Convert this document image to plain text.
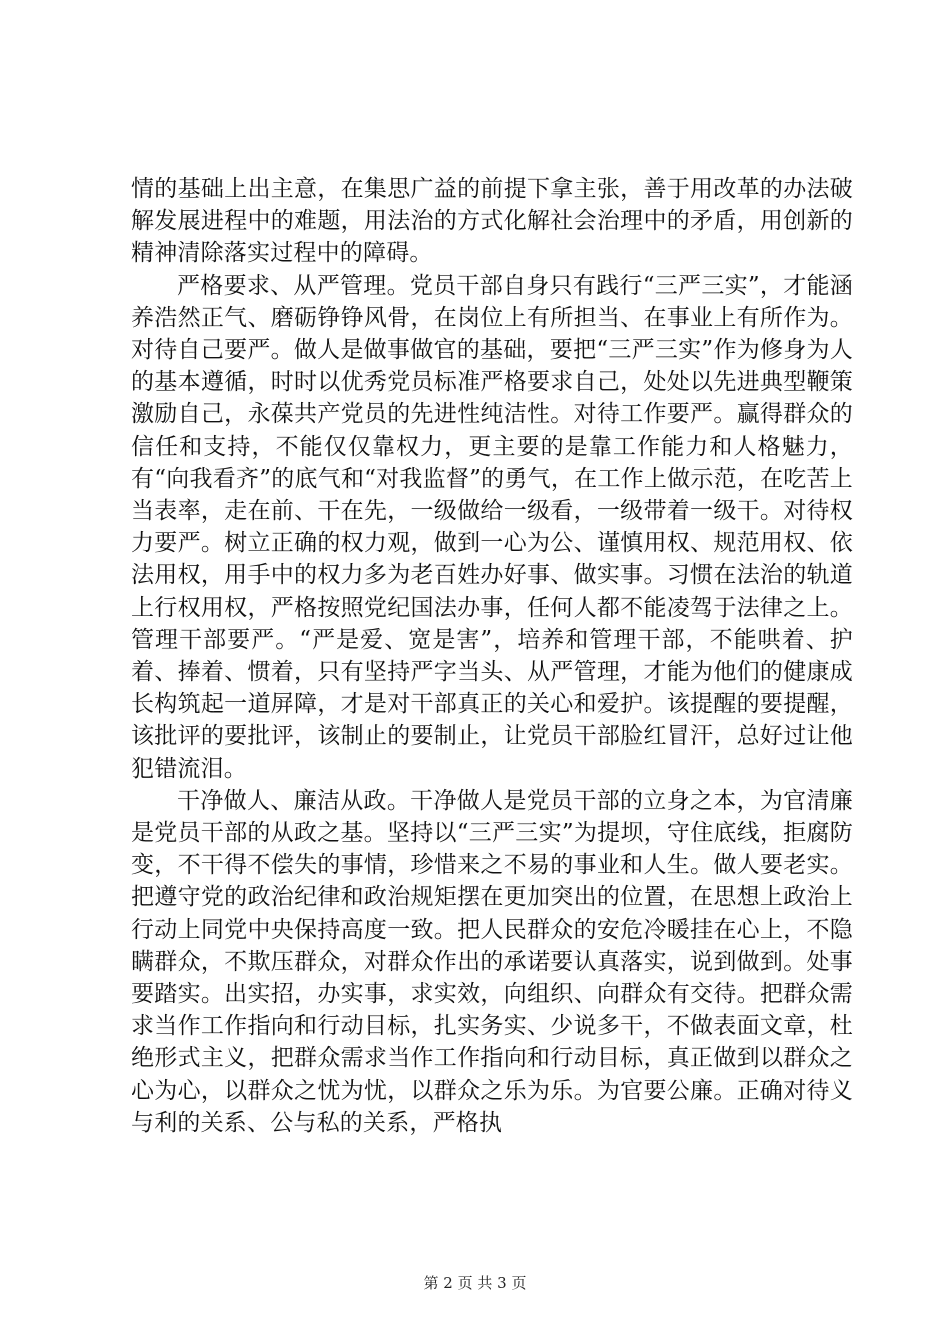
情的基础上出主意，在集思广益的前提下拿主张，善于用改革的办法破解发展进程中的难题，用法治的方式化解社会治理中的矛盾，用创新的精神清除落实过程中的障碍。

严格要求、从严管理。党员干部自身只有践行“三严三实”，才能涵养浩然正气、磨砺铮铮风骨，在岗位上有所担当、在事业上有所作为。对待自己要严。做人是做事做官的基础，要把“三严三实”作为修身为人的基本遵循，时时以优秀党员标准严格要求自己，处处以先进典型鞭策激励自己，永葆共产党员的先进性纯洁性。对待工作要严。赢得群众的信任和支持，不能仅仅靠权力，更主要的是靠工作能力和人格魅力，有“向我看齐”的底气和“对我监督”的勇气，在工作上做示范，在吃苦上当表率，走在前、干在先，一级做给一级看，一级带着一级干。对待权力要严。树立正确的权力观，做到一心为公、谨慎用权、规范用权、依法用权，用手中的权力多为老百姓办好事、做实事。习惯在法治的轨道上行权用权，严格按照党纪国法办事，任何人都不能凌驾于法律之上。管理干部要严。“严是爱、宽是害”，培养和管理干部，不能哄着、护着、捧着、惯着，只有坚持严字当头、从严管理，才能为他们的健康成长构筑起一道屏障，才是对干部真正的关心和爱护。该提醒的要提醒，该批评的要批评，该制止的要制止，让党员干部脸红冒汗，总好过让他犯错流泪。

干净做人、廉洁从政。干净做人是党员干部的立身之本，为官清廉是党员干部的从政之基。坚持以“三严三实”为提坝，守住底线，拒腐防变，不干得不偿失的事情，珍惜来之不易的事业和人生。做人要老实。把遵守党的政治纪律和政治规矩摆在更加突出的位置，在思想上政治上行动上同党中央保持高度一致。把人民群众的安危冷暖挂在心上，不隐瞒群众，不欺压群众，对群众作出的承诺要认真落实，说到做到。处事要踏实。出实招，办实事，求实效，向组织、向群众有交待。把群众需求当作工作指向和行动目标，扎实务实、少说多干，不做表面文章，杜绝形式主义，把群众需求当作工作指向和行动目标，真正做到以群众之心为心，以群众之忧为忧，以群众之乐为乐。为官要公廉。正确对待义与利的关系、公与私的关系，严格执

第 2 页 共 3 页
